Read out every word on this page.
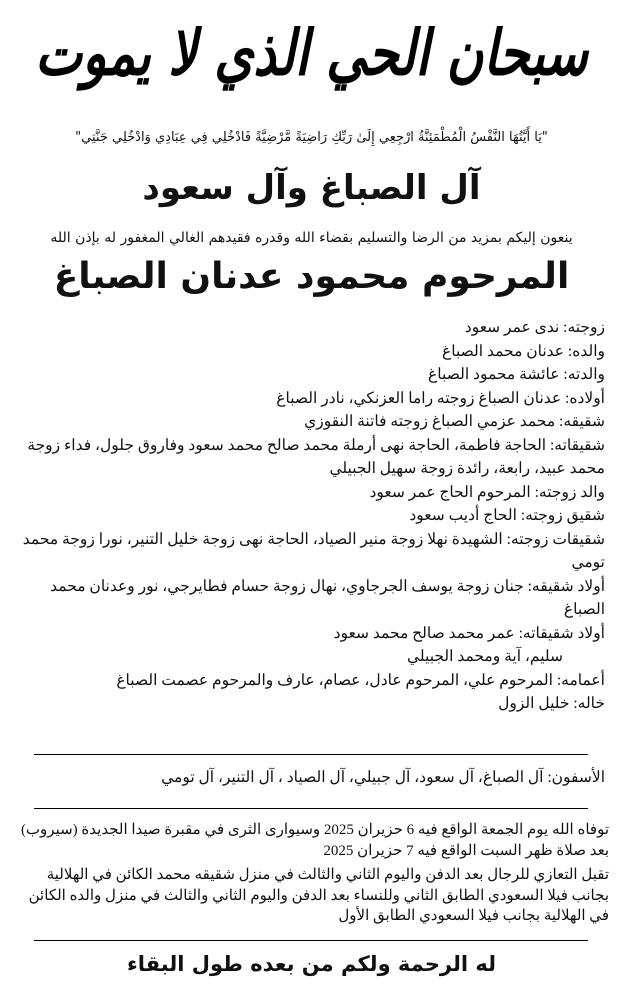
سبحان الحي الذي لا يموت
"يَا أَيَّتُهَا النَّفْسُ الْمُطْمَئِنَّةُ ارْجِعِي إِلَىٰ رَبِّكِ رَاضِيَةً مَّرْضِيَّةً فَادْخُلِي فِي عِبَادِي وَادْخُلِي جَنَّتِي"
آل الصباغ وآل سعود
ينعون إليكم بمزيد من الرضا والتسليم بقضاء الله وقدره فقيدهم الغالي المغفور له بإذن الله
المرحوم محمود عدنان الصباغ
زوجته: ندى عمر سعود
والده: عدنان محمد الصباغ
والدته: عائشة محمود الصباغ
أولاده: عدنان الصباغ زوجته راما العزنكي، نادر الصباغ
شقيقه: محمد عزمي الصباغ زوجته فاتنة النقوزي
شقيقاته: الحاجة فاطمة، الحاجة نهى أرملة محمد صالح محمد سعود وفاروق جلول، فداء زوجة محمد عبيد، رابعة، رائدة زوجة سهيل الجبيلي
والد زوجته: المرحوم الحاج عمر سعود
شقيق زوجته: الحاج أديب سعود
شقيقات زوجته: الشهيدة نهلا زوجة منير الصياد، الحاجة نهى زوجة خليل التنير، نورا زوجة محمد تومي
أولاد شقيقه: جنان زوجة يوسف الجرجاوي، نهال زوجة حسام فطايرجي، نور وعدنان محمد الصباغ
أولاد شقيقاته: عمر محمد صالح محمد سعود
سليم، آية ومحمد الجبيلي
أعمامه: المرحوم علي، المرحوم عادل، عصام، عارف والمرحوم عصمت الصباغ
خاله: خليل الزول
الأسفون: آل الصباغ، آل سعود، آل جبيلي، آل الصياد ، آل التنير، آل تومي
توفاه الله يوم الجمعة الواقع فيه 6 حزيران 2025 وسيوارى الثرى في مقبرة صيدا الجديدة (سيروب) بعد صلاة ظهر السبت الواقع فيه 7 حزيران 2025
تقبل التعازي للرجال بعد الدفن واليوم الثاني والثالث في منزل شقيقه محمد الكائن في الهلالية بجانب فيلا السعودي الطابق الثاني وللنساء بعد الدفن واليوم الثاني والثالث في منزل والده الكائن في الهلالية بجانب فيلا السعودي الطابق الأول
له الرحمة ولكم من بعده طول البقاء
